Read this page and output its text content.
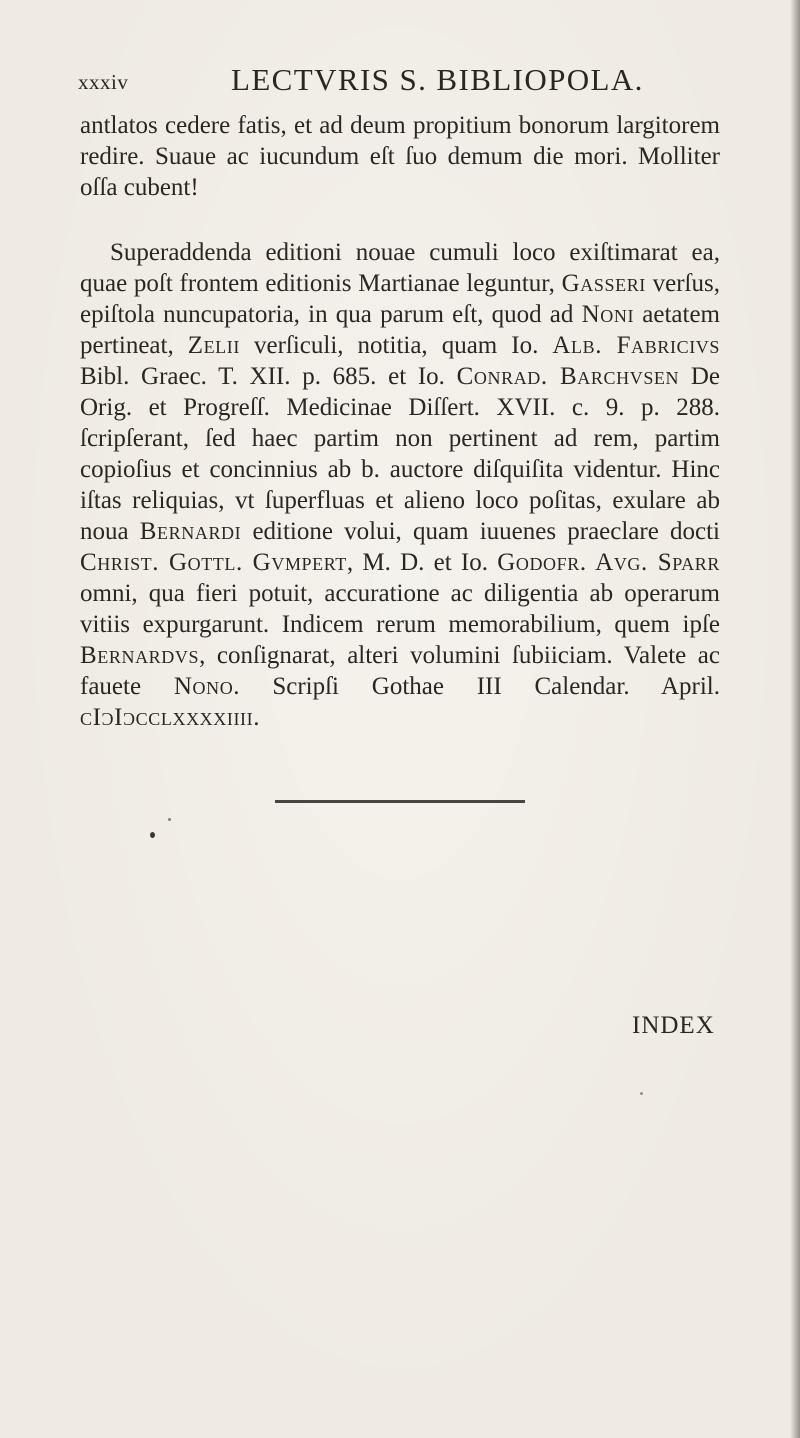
xxxiv	LECTVRIS S. BIBLIOPOLA.

antlatos cedere fatis, et ad deum propitium bonorum largitorem redire. Suaue ac iucundum eſt ſuo demum die mori. Molliter oſſa cubent!

Superaddenda editioni nouae cumuli loco exiſtimarat ea, quae poſt frontem editionis Martianae leguntur, Gasseri verſus, epiſtola nuncupatoria, in qua parum eſt, quod ad Noni aetatem pertineat, Zelii verſiculi, notitia, quam Io. Alb. Fabricivs Bibl. Graec. T. XII. p. 685. et Io. Conrad. Barchvsen De Orig. et Progreſſ. Medicinae Diſſert. XVII. c. 9. p. 288. ſcripſerant, ſed haec partim non pertinent ad rem, partim copioſius et concinnius ab b. auctore diſquiſita videntur. Hinc iſtas reliquias, vt ſuperfluas et alieno loco poſitas, exulare ab noua Bernardi editione volui, quam iuuenes praeclare docti Christ. Gottl. Gvmpert, M. D. et Io. Godofr. Avg. Sparr omni, qua fieri potuit, accuratione ac diligentia ab operarum vitiis expurgarunt. Indicem rerum memorabilium, quem ipſe Bernardvs, conſignarat, alteri volumini ſubiiciam. Valete ac fauete Nono. Scripſi Gothae III Calendar. April. cIɔIɔcclxxxxiiii.

INDEX
